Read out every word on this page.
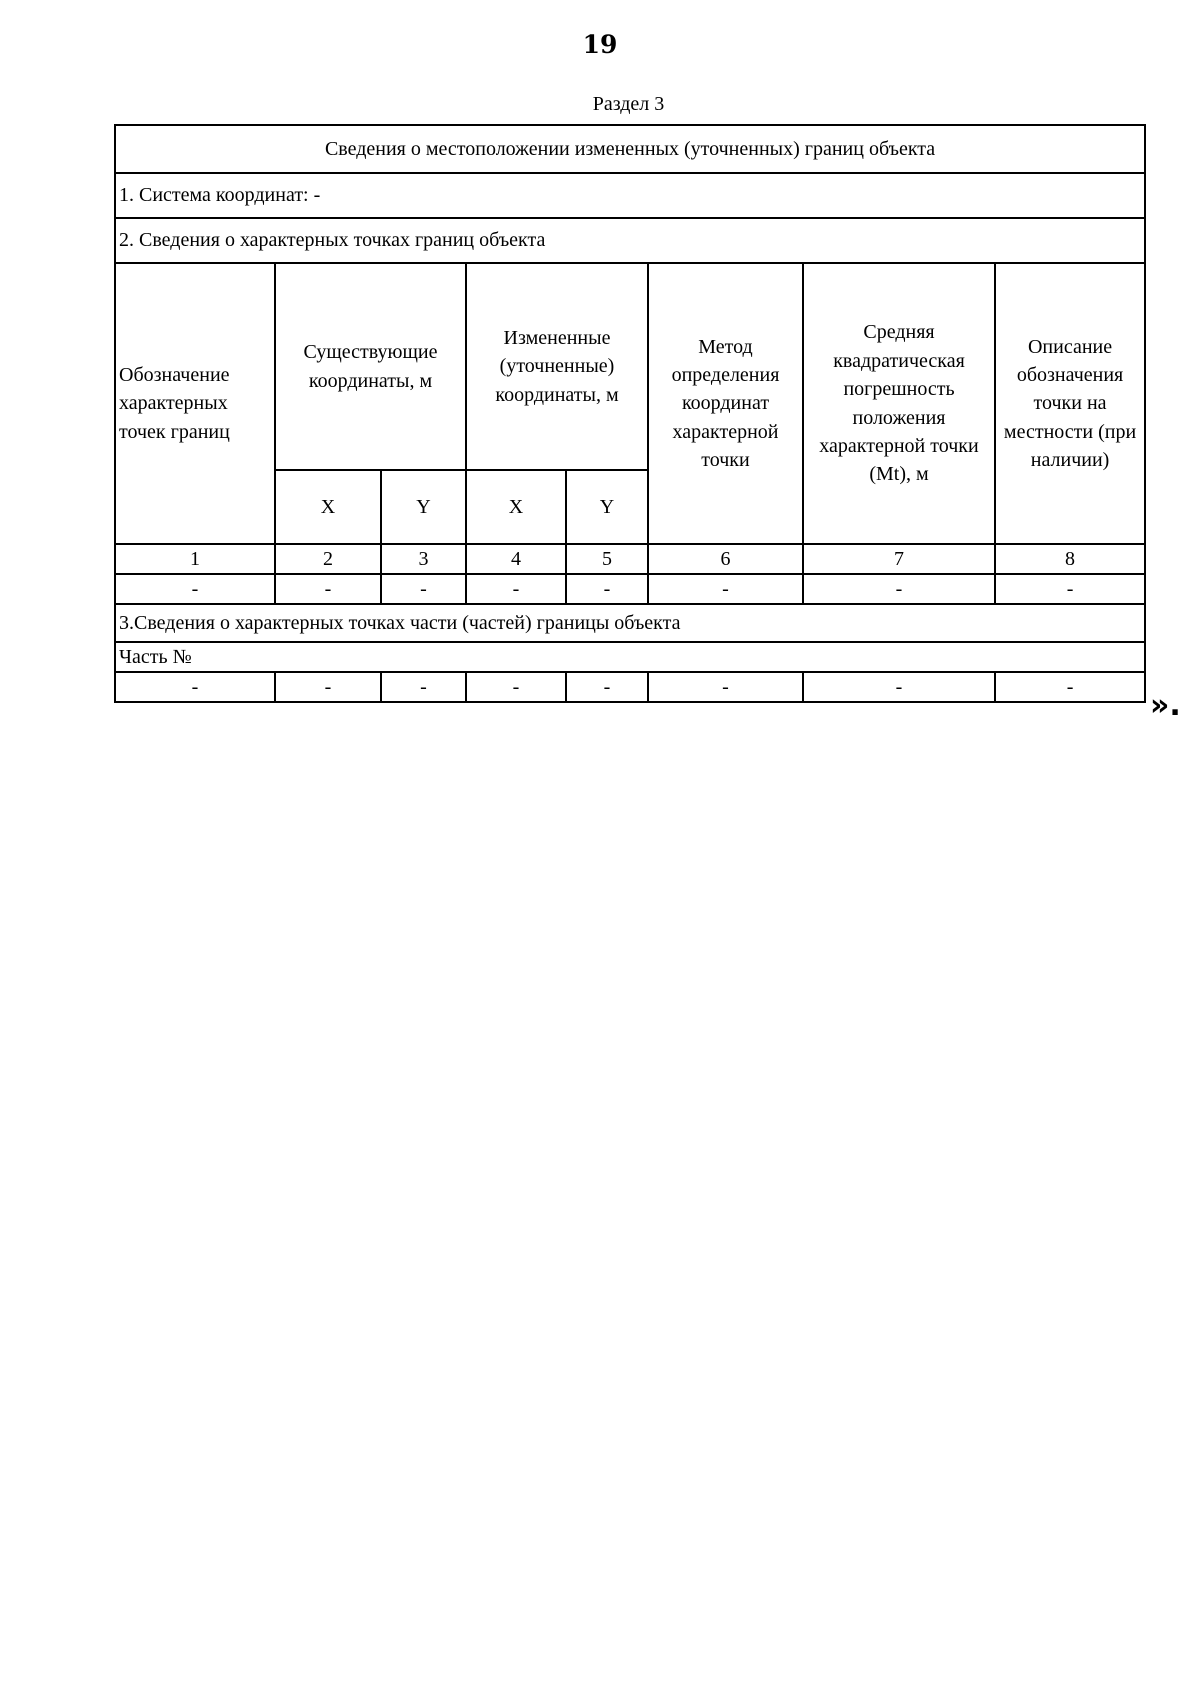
19
Раздел 3
Сведения о местоположении измененных (уточненных) границ объекта							
1. Система координат: -							
2. Сведения о характерных точках границ объекта							
Обозначение характерных точек границ	Существующие координаты, м		Измененные (уточненные) координаты, м		Метод определения координат характерной точки	Средняя квадратическая погрешность положения характерной точки (Mt), м	Описание обозначения точки на местности (при наличии)
	X	Y	X	Y			
1	2	3	4	5	6	7	8
-	-	-	-	-	-	-	-
3.Сведения о характерных точках части (частей) границы объекта							
Часть №							
-	-	-	-	-	-	-	-
».
